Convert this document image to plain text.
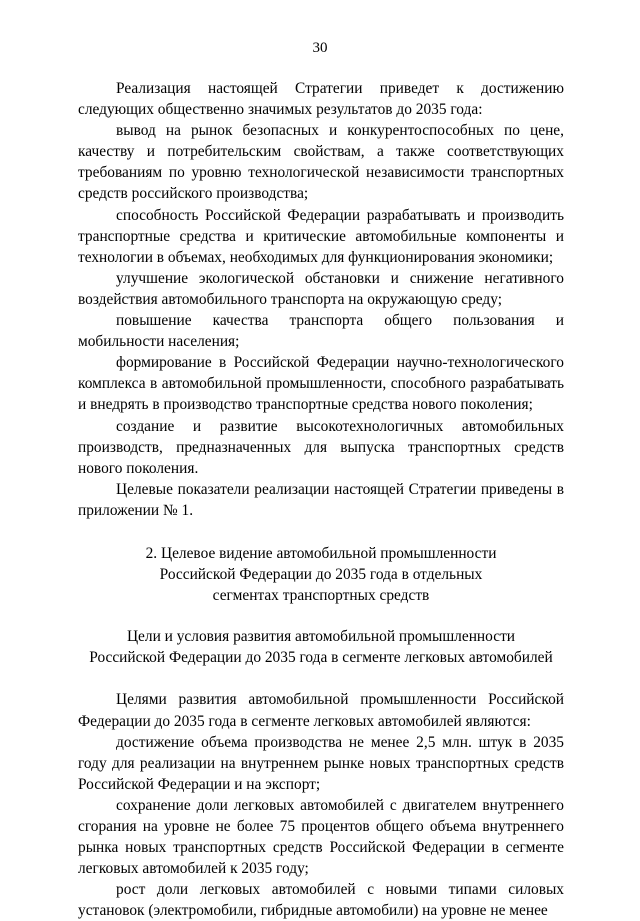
30

Реализация настоящей Стратегии приведет к достижению следующих общественно значимых результатов до 2035 года:

вывод на рынок безопасных и конкурентоспособных по цене, качеству и потребительским свойствам, а также соответствующих требованиям по уровню технологической независимости транспортных средств российского производства;

способность Российской Федерации разрабатывать и производить транспортные средства и критические автомобильные компоненты и технологии в объемах, необходимых для функционирования экономики;

улучшение экологической обстановки и снижение негативного воздействия автомобильного транспорта на окружающую среду;

повышение качества транспорта общего пользования и мобильности населения;

формирование в Российской Федерации научно-технологического комплекса в автомобильной промышленности, способного разрабатывать и внедрять в производство транспортные средства нового поколения;

создание и развитие высокотехнологичных автомобильных производств, предназначенных для выпуска транспортных средств нового поколения.

Целевые показатели реализации настоящей Стратегии приведены в приложении № 1.

2. Целевое видение автомобильной промышленности
Российской Федерации до 2035 года в отдельных
сегментах транспортных средств
Цели и условия развития автомобильной промышленности
Российской Федерации до 2035 года в сегменте легковых автомобилей

Целями развития автомобильной промышленности Российской Федерации до 2035 года в сегменте легковых автомобилей являются:

достижение объема производства не менее 2,5 млн. штук в 2035 году для реализации на внутреннем рынке новых транспортных средств Российской Федерации и на экспорт;

сохранение доли легковых автомобилей с двигателем внутреннего сгорания на уровне не более 75 процентов общего объема внутреннего рынка новых транспортных средств Российской Федерации в сегменте легковых автомобилей к 2035 году;

рост доли легковых автомобилей с новыми типами силовых установок (электромобили, гибридные автомобили) на уровне не менее
